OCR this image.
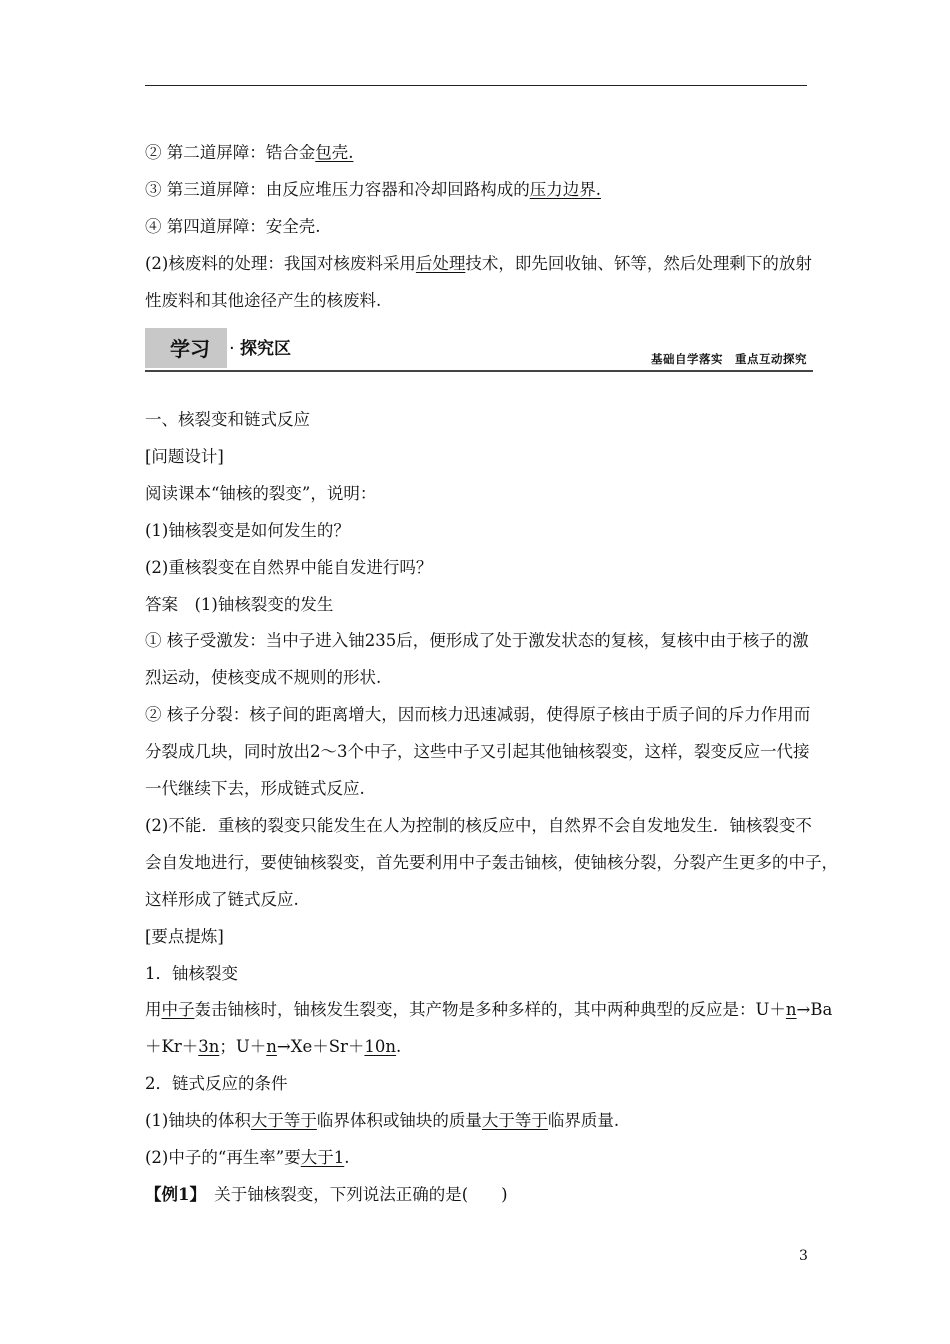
② 第二道屏障：锆合金包壳.
③ 第三道屏障：由反应堆压力容器和冷却回路构成的压力边界.
④ 第四道屏障：安全壳.
(2)核废料的处理：我国对核废料采用后处理技术，即先回收铀、钚等，然后处理剩下的放射
性废料和其他途径产生的核废料.
学习 · 探究区	基础自学落实　重点互动探究
一、核裂变和链式反应
[问题设计]
阅读课本“铀核的裂变”，说明：
(1)铀核裂变是如何发生的？
(2)重核裂变在自然界中能自发进行吗？
答案　(1)铀核裂变的发生
① 核子受激发：当中子进入铀235后，便形成了处于激发状态的复核，复核中由于核子的激
烈运动，使核变成不规则的形状.
② 核子分裂：核子间的距离增大，因而核力迅速减弱，使得原子核由于质子间的斥力作用而
分裂成几块，同时放出2～3个中子，这些中子又引起其他铀核裂变，这样，裂变反应一代接
一代继续下去，形成链式反应.
(2)不能．重核的裂变只能发生在人为控制的核反应中，自然界不会自发地发生．铀核裂变不
会自发地进行，要使铀核裂变，首先要利用中子轰击铀核，使铀核分裂，分裂产生更多的中子，
这样形成了链式反应.
[要点提炼]
1．铀核裂变
用中子轰击铀核时，铀核发生裂变，其产物是多种多样的，其中两种典型的反应是：U＋n→Ba
＋Kr＋3n；U＋n→Xe＋Sr＋10n.
2．链式反应的条件
(1)铀块的体积大于等于临界体积或铀块的质量大于等于临界质量.
(2)中子的“再生率”要大于1.
【例1】　关于铀核裂变，下列说法正确的是(　　)
3
